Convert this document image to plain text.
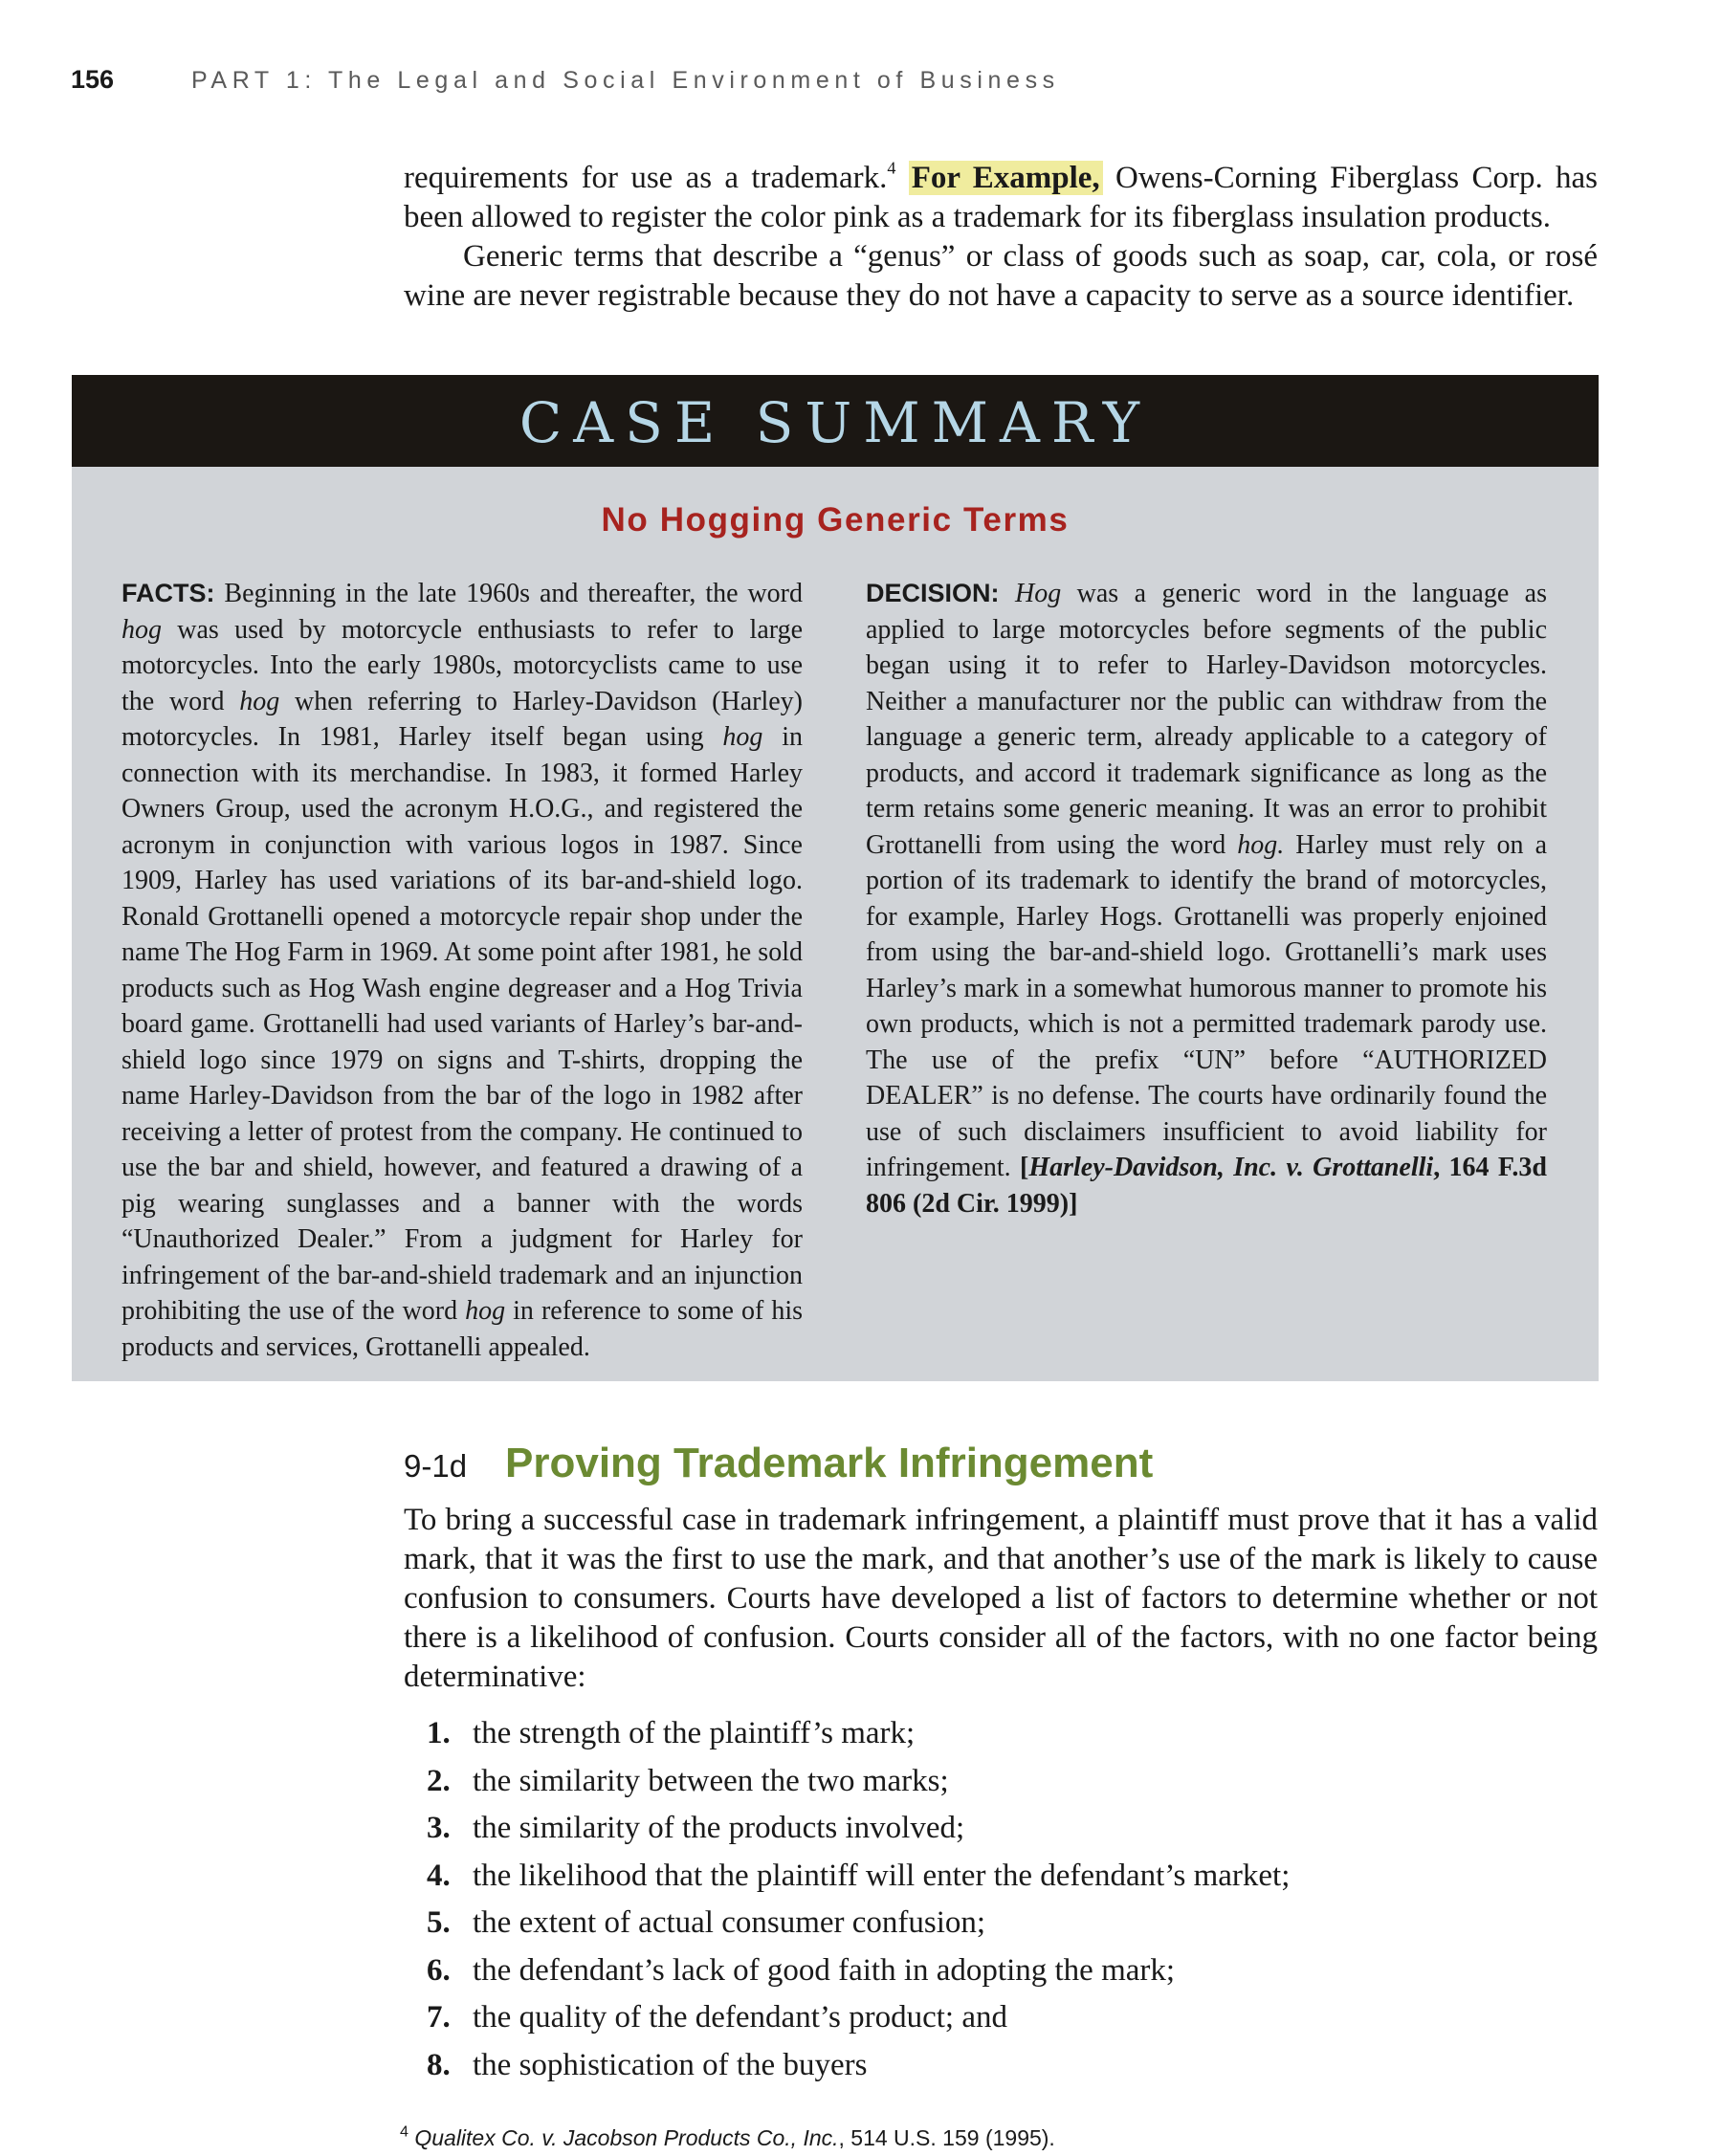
156	PART 1: The Legal and Social Environment of Business

requirements for use as a trademark.$^4$ For Example, Owens-Corning Fiberglass Corp. has been allowed to register the color pink as a trademark for its fiberglass insulation products.

Generic terms that describe a “genus” or class of goods such as soap, car, cola, or rosé wine are never registrable because they do not have a capacity to serve as a source identifier.

CASE SUMMARY
No Hogging Generic Terms

FACTS: Beginning in the late 1960s and thereafter, the word hog was used by motorcycle enthusiasts to refer to large motorcycles. Into the early 1980s, motorcyclists came to use the word hog when referring to Harley-Davidson (Harley) motorcycles. In 1981, Harley itself began using hog in connection with its merchandise. In 1983, it formed Harley Owners Group, used the acronym H.O.G., and registered the acronym in conjunction with various logos in 1987. Since 1909, Harley has used variations of its bar-and-shield logo. Ronald Grottanelli opened a motorcycle repair shop under the name The Hog Farm in 1969. At some point after 1981, he sold products such as Hog Wash engine degreaser and a Hog Trivia board game. Grottanelli had used variants of Harley’s bar-and-shield logo since 1979 on signs and T-shirts, dropping the name Harley-Davidson from the bar of the logo in 1982 after receiving a letter of protest from the company. He continued to use the bar and shield, however, and featured a drawing of a pig wearing sunglasses and a banner with the words “Unauthorized Dealer.” From a judgment for Harley for infringement of the bar-and-shield trademark and an injunction prohibiting the use of the word hog in reference to some of his products and services, Grottanelli appealed.

DECISION: Hog was a generic word in the language as applied to large motorcycles before segments of the public began using it to refer to Harley-Davidson motorcycles. Neither a manufacturer nor the public can withdraw from the language a generic term, already applicable to a category of products, and accord it trademark significance as long as the term retains some generic meaning. It was an error to prohibit Grottanelli from using the word hog. Harley must rely on a portion of its trademark to identify the brand of motorcycles, for example, Harley Hogs. Grottanelli was properly enjoined from using the bar-and-shield logo. Grottanelli’s mark uses Harley’s mark in a somewhat humorous manner to promote his own products, which is not a permitted trademark parody use. The use of the prefix “UN” before “AUTHORIZED DEALER” is no defense. The courts have ordinarily found the use of such disclaimers insufficient to avoid liability for infringement. [Harley-Davidson, Inc. v. Grottanelli, 164 F.3d 806 (2d Cir. 1999)]

9-1d Proving Trademark Infringement

To bring a successful case in trademark infringement, a plaintiff must prove that it has a valid mark, that it was the first to use the mark, and that another’s use of the mark is likely to cause confusion to consumers. Courts have developed a list of factors to determine whether or not there is a likelihood of confusion. Courts consider all of the factors, with no one factor being determinative:

1. the strength of the plaintiff’s mark;
2. the similarity between the two marks;
3. the similarity of the products involved;
4. the likelihood that the plaintiff will enter the defendant’s market;
5. the extent of actual consumer confusion;
6. the defendant’s lack of good faith in adopting the mark;
7. the quality of the defendant’s product; and
8. the sophistication of the buyers
$^4$ Qualitex Co. v. Jacobson Products Co., Inc., 514 U.S. 159 (1995).
